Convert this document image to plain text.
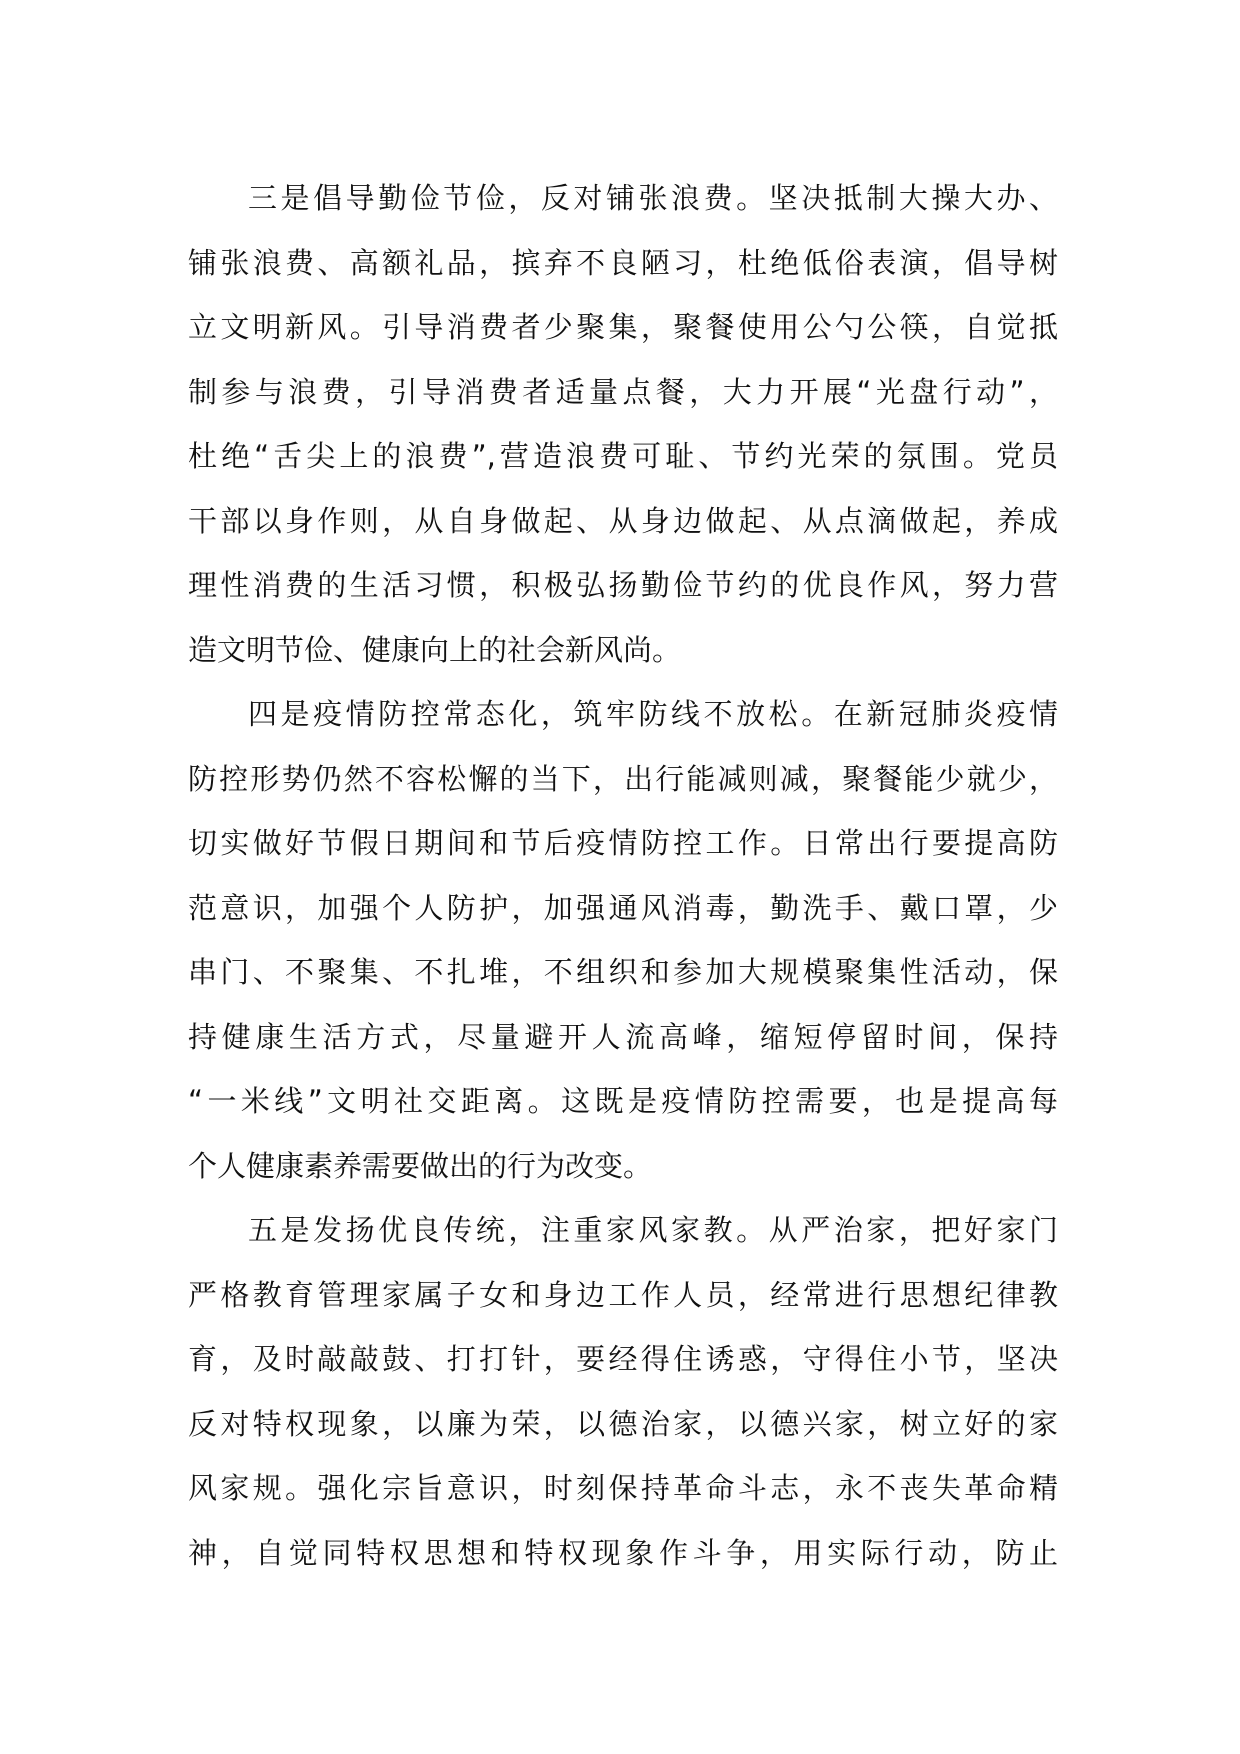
三是倡导勤俭节俭，反对铺张浪费。坚决抵制大操大办、
铺张浪费、高额礼品，摈弃不良陋习，杜绝低俗表演，倡导树
立文明新风。引导消费者少聚集，聚餐使用公勺公筷，自觉抵
制参与浪费，引导消费者适量点餐，大力开展“光盘行动”，
杜绝“舌尖上的浪费”,营造浪费可耻、节约光荣的氛围。党员
干部以身作则，从自身做起、从身边做起、从点滴做起，养成
理性消费的生活习惯，积极弘扬勤俭节约的优良作风，努力营
造文明节俭、健康向上的社会新风尚。
四是疫情防控常态化，筑牢防线不放松。在新冠肺炎疫情
防控形势仍然不容松懈的当下，出行能减则减，聚餐能少就少，
切实做好节假日期间和节后疫情防控工作。日常出行要提高防
范意识，加强个人防护，加强通风消毒，勤洗手、戴口罩，少
串门、不聚集、不扎堆，不组织和参加大规模聚集性活动，保
持健康生活方式，尽量避开人流高峰，缩短停留时间，保持
“一米线”文明社交距离。这既是疫情防控需要，也是提高每
个人健康素养需要做出的行为改变。
五是发扬优良传统，注重家风家教。从严治家，把好家门
严格教育管理家属子女和身边工作人员，经常进行思想纪律教
育，及时敲敲鼓、打打针，要经得住诱惑，守得住小节，坚决
反对特权现象，以廉为荣，以德治家，以德兴家，树立好的家
风家规。强化宗旨意识，时刻保持革命斗志，永不丧失革命精
神，自觉同特权思想和特权现象作斗争，用实际行动，防止
